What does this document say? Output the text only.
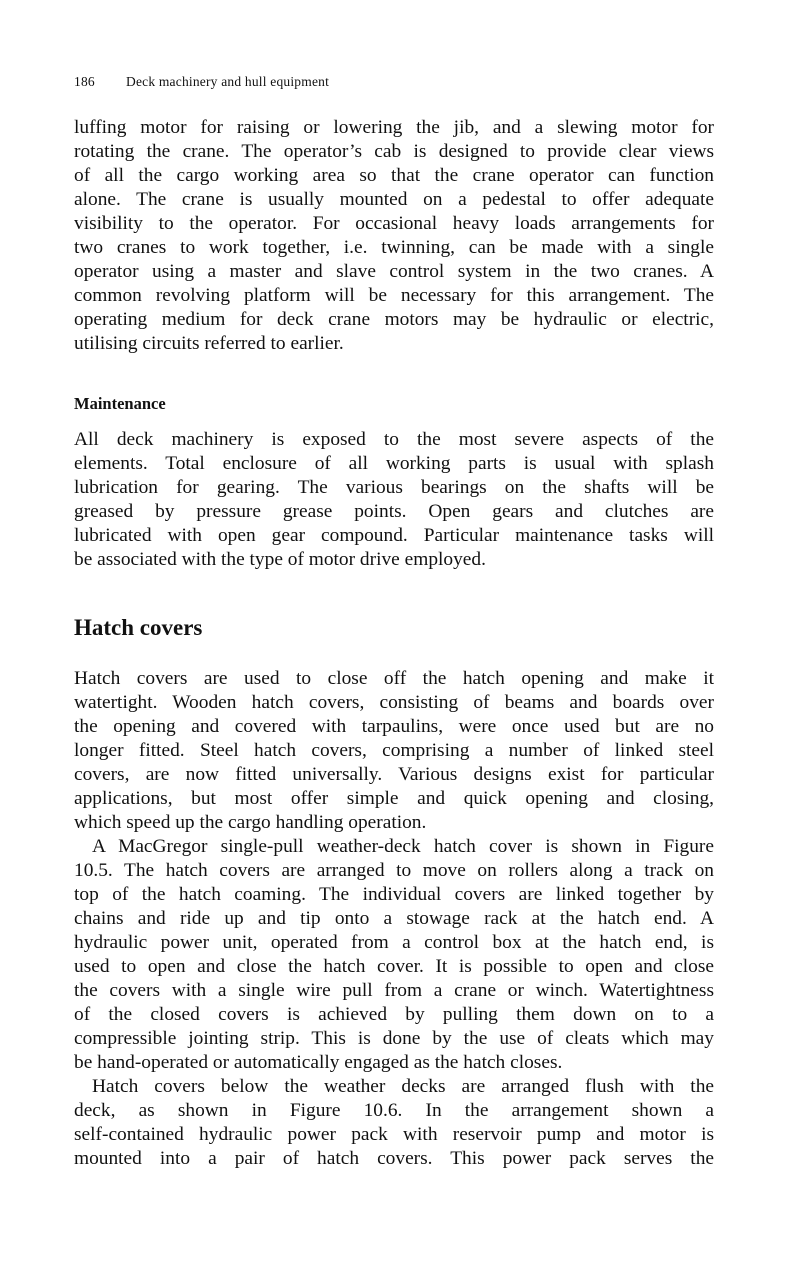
186 Deck machinery and hull equipment
luffing motor for raising or lowering the jib, and a slewing motor for
rotating the crane. The operator’s cab is designed to provide clear views
of all the cargo working area so that the crane operator can function
alone. The crane is usually mounted on a pedestal to offer adequate
visibility to the operator. For occasional heavy loads arrangements for
two cranes to work together, i.e. twinning, can be made with a single
operator using a master and slave control system in the two cranes. A
common revolving platform will be necessary for this arrangement. The
operating medium for deck crane motors may be hydraulic or electric,
utilising circuits referred to earlier.
Maintenance
All deck machinery is exposed to the most severe aspects of the
elements. Total enclosure of all working parts is usual with splash
lubrication for gearing. The various bearings on the shafts will be
greased by pressure grease points. Open gears and clutches are
lubricated with open gear compound. Particular maintenance tasks will
be associated with the type of motor drive employed.
Hatch covers
Hatch covers are used to close off the hatch opening and make it
watertight. Wooden hatch covers, consisting of beams and boards over
the opening and covered with tarpaulins, were once used but are no
longer fitted. Steel hatch covers, comprising a number of linked steel
covers, are now fitted universally. Various designs exist for particular
applications, but most offer simple and quick opening and closing,
which speed up the cargo handling operation.
A MacGregor single-pull weather-deck hatch cover is shown in Figure
10.5. The hatch covers are arranged to move on rollers along a track on
top of the hatch coaming. The individual covers are linked together by
chains and ride up and tip onto a stowage rack at the hatch end. A
hydraulic power unit, operated from a control box at the hatch end, is
used to open and close the hatch cover. It is possible to open and close
the covers with a single wire pull from a crane or winch. Watertightness
of the closed covers is achieved by pulling them down on to a
compressible jointing strip. This is done by the use of cleats which may
be hand-operated or automatically engaged as the hatch closes.
Hatch covers below the weather decks are arranged flush with the
deck, as shown in Figure 10.6. In the arrangement shown a
self-contained hydraulic power pack with reservoir pump and motor is
mounted into a pair of hatch covers. This power pack serves the
